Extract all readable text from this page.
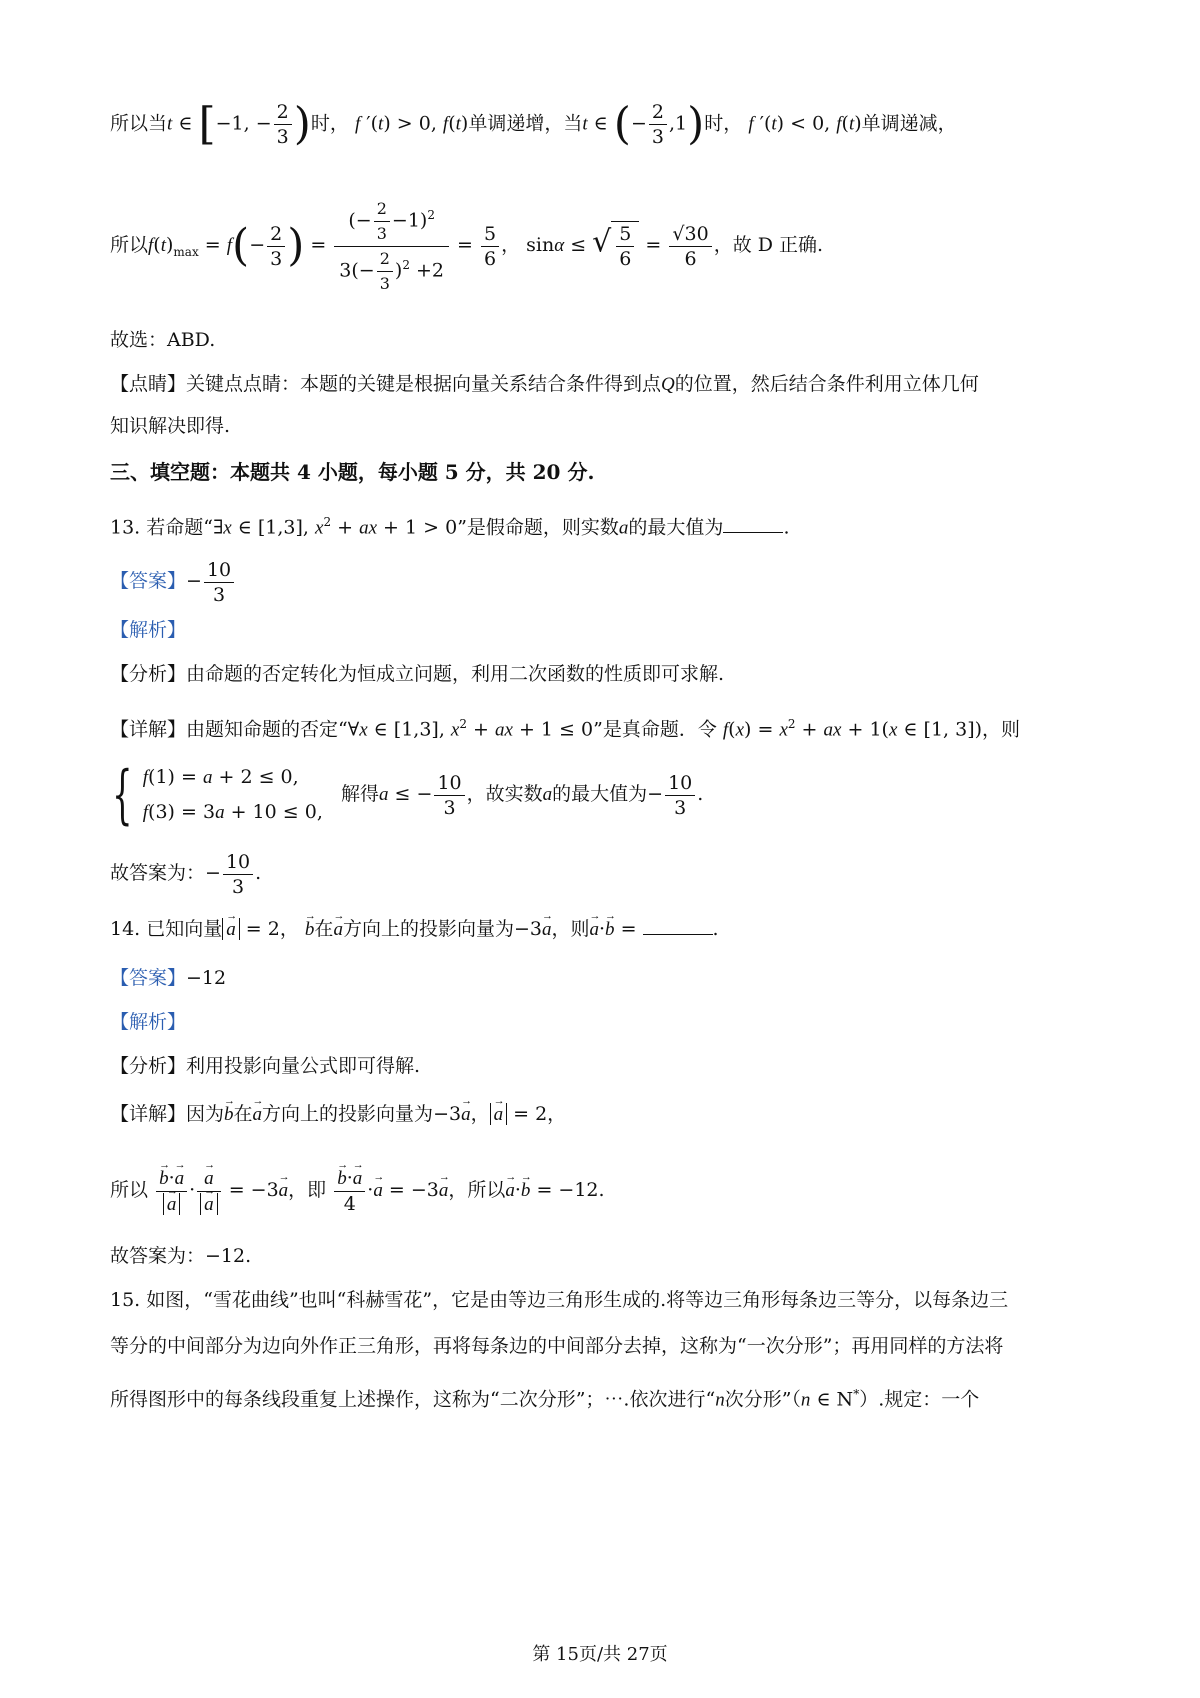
所以当t ∈ [−1, − $\frac{2}{3}$ )时， f ′(t) > 0, f(t)单调递增，当t ∈ (− $\frac{2}{3} ,1$)时， f ′(t) < 0, f(t)单调递减，
所以$f(t)_{max} = f(- \frac{2}{3}$ ) = $\frac{(- \frac{2}{3} -1)^2}{3(- \frac{2}{3} )^2 +2} = \frac{5}{6}$ ， sinα ≤ √ $\frac{5}{6} = \frac{√30}{6}$ ，故 D 正确.
故选：ABD.
【点睛】关键点点睛：本题的关键是根据向量关系结合条件得到点Q的位置，然后结合条件利用立体几何
知识解决即得.
三、填空题：本题共 4 小题，每小题 5 分，共 20 分.
13. 若命题“∃x ∈ [1,3], $x^2$ + ax + 1 > 0”是假命题，则实数a的最大值为	.
【答案】− $\frac{10}{3}$
【解析】
【分析】由命题的否定转化为恒成立问题，利用二次函数的性质即可求解.
【详解】由题知命题的否定“∀x ∈ [1,3], $x^2$ + ax + 1 ≤ 0”是真命题．令 $f(x) = x^2$ + ax + 1(x ∈ [1, 3])，则
{ f(1) = a + 2 ≤ 0,
f(3) = 3a + 10 ≤ 0,   解得a ≤ − $\frac{10}{3}$ ，故实数a的最大值为− $\frac{10}{3}$ .
故答案为：− $\frac{10}{3}$ .
14. 已知向量 → a = 2， → b在→ a方向上的投影向量为−3→ a，则→ a·→ b =	.
【答案】−12
【解析】
【分析】利用投影向量公式即可得解.
【详解】因为→ b在→ a方向上的投影向量为−3→ a， → a = 2，
所以 → b·→ a
→ a · → a
→ a = −3→ a，即 → $\frac{b\cdot\to a}{4} \cdot\to a = -3\to a$，所以→ a·→ b = −12.
故答案为：−12.
15. 如图，“雪花曲线”也叫“科赫雪花”，它是由等边三角形生成的.将等边三角形每条边三等分，以每条边三
等分的中间部分为边向外作正三角形，再将每条边的中间部分去掉，这称为“一次分形”；再用同样的方法将
所得图形中的每条线段重复上述操作，这称为“二次分形”；⋯.依次进行“n次分形”（n ∈ N*）.规定：一个
第 15页/共 27页
